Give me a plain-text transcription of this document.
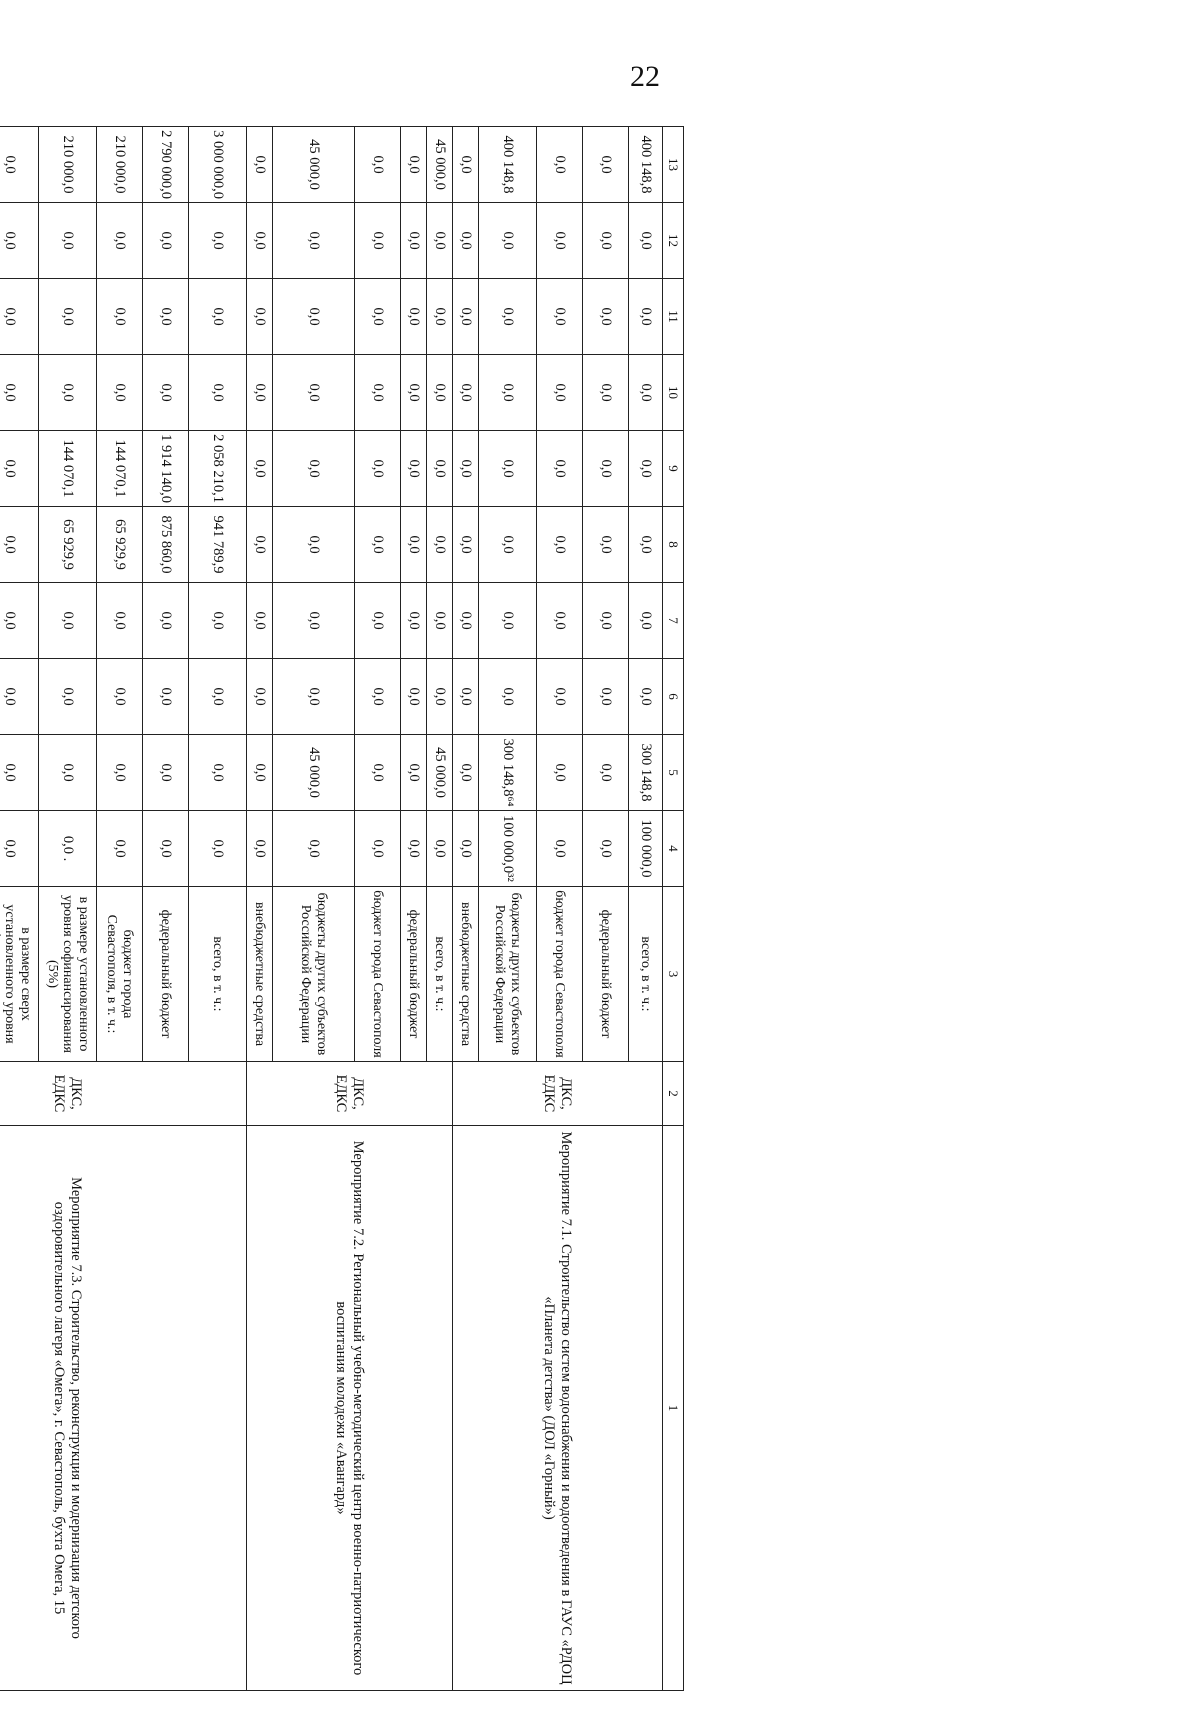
22
13	12	11	10	9	8	7	6	5	4	3	2	1
400 148,8	0,0	0,0	0,0	0,0	0,0	0,0	0,0	300 148,8	100 000,0	всего, в т. ч.:	ДКС, ЕДКС	Мероприятие 7.1. Строительство систем водоснабжения и водоотведения в ГАУС «РДОЦ «Планета детства» (ДОЛ «Горный»)
0,0	0,0	0,0	0,0	0,0	0,0	0,0	0,0	0,0	0,0	федеральный бюджет		
0,0	0,0	0,0	0,0	0,0	0,0	0,0	0,0	0,0	0,0	бюджет города Севастополя		
400 148,8	0,0	0,0	0,0	0,0	0,0	0,0	0,0	300 148,8⁶⁴	100 000,0³²	бюджеты других субъектов Российской Федерации		
0,0	0,0	0,0	0,0	0,0	0,0	0,0	0,0	0,0	0,0	внебюджетные средства		
45 000,0	0,0	0,0	0,0	0,0	0,0	0,0	0,0	45 000,0	0,0	всего, в т. ч.:	ДКС, ЕДКС	Мероприятие 7.2. Региональный учебно-методический центр военно-патриотического воспитания молодежи «Авангард»
0,0	0,0	0,0	0,0	0,0	0,0	0,0	0,0	0,0	0,0	федеральный бюджет		
0,0	0,0	0,0	0,0	0,0	0,0	0,0	0,0	0,0	0,0	бюджет города Севастополя		
45 000,0	0,0	0,0	0,0	0,0	0,0	0,0	0,0	45 000,0	0,0	бюджеты других субъектов Российской Федерации		
0,0	0,0	0,0	0,0	0,0	0,0	0,0	0,0	0,0	0,0	внебюджетные средства		
3 000 000,0	0,0	0,0	0,0	2 058 210,1	941 789,9	0,0	0,0	0,0	0,0	всего, в т. ч.:	ДКС, ЕДКС	Мероприятие 7.3. Строительство, реконструкция и модернизация детского оздоровительного лагеря «Омега», г. Севастополь, бухта Омега, 15
2 790 000,0	0,0	0,0	0,0	1 914 140,0	875 860,0	0,0	0,0	0,0	0,0	федеральный бюджет		
210 000,0	0,0	0,0	0,0	144 070,1	65 929,9	0,0	0,0	0,0	0,0	бюджет города Севастополя, в т. ч.:		
210 000,0	0,0	0,0	0,0	144 070,1	65 929,9	0,0	0,0	0,0	0,0 .	в размере установленного уровня софинансирования (5%)		
0,0	0,0	0,0	0,0	0,0	0,0	0,0	0,0	0,0	0,0	в размере сверх установленного уровня		
